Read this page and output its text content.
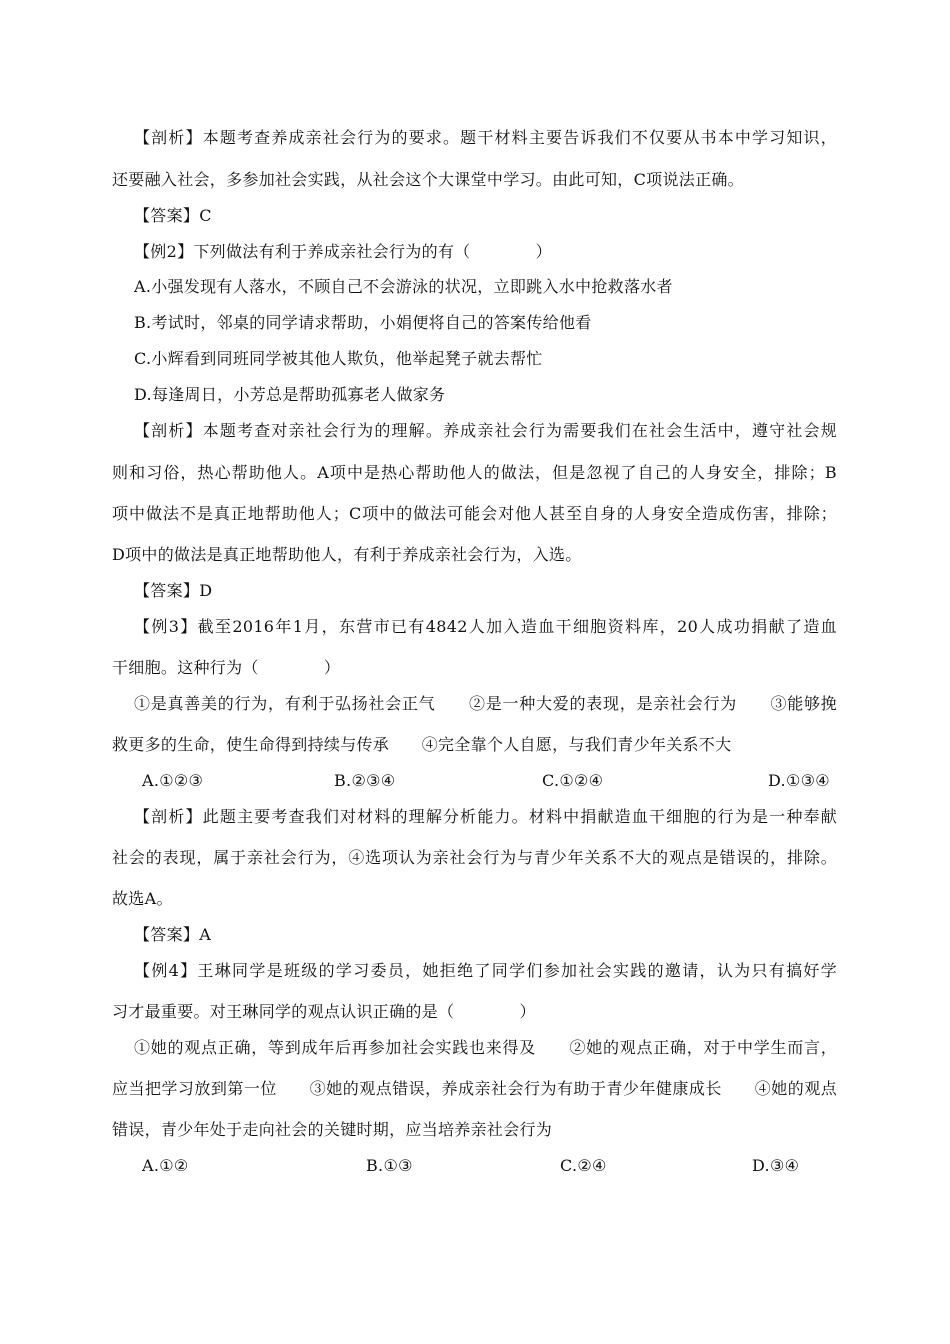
【剖析】本题考查养成亲社会行为的要求。题干材料主要告诉我们不仅要从书本中学习知识，
还要融入社会，多参加社会实践，从社会这个大课堂中学习。由此可知，C项说法正确。
【答案】C
【例2】下列做法有利于养成亲社会行为的有（　　　　）
A.小强发现有人落水，不顾自己不会游泳的状况，立即跳入水中抢救落水者
B.考试时，邻桌的同学请求帮助，小娟便将自己的答案传给他看
C.小辉看到同班同学被其他人欺负，他举起凳子就去帮忙
D.每逢周日，小芳总是帮助孤寡老人做家务
【剖析】本题考查对亲社会行为的理解。养成亲社会行为需要我们在社会生活中，遵守社会规
则和习俗，热心帮助他人。A项中是热心帮助他人的做法，但是忽视了自己的人身安全，排除；B
项中做法不是真正地帮助他人；C项中的做法可能会对他人甚至自身的人身安全造成伤害，排除；
D项中的做法是真正地帮助他人，有利于养成亲社会行为，入选。
【答案】D
【例3】截至2016年1月，东营市已有4842人加入造血干细胞资料库，20人成功捐献了造血
干细胞。这种行为（　　　　）
①是真善美的行为，有利于弘扬社会正气　　②是一种大爱的表现，是亲社会行为　　③能够挽
救更多的生命，使生命得到持续与传承　　④完全靠个人自愿，与我们青少年关系不大
A.①②③	B.②③④	C.①②④	D.①③④
【剖析】此题主要考查我们对材料的理解分析能力。材料中捐献造血干细胞的行为是一种奉献
社会的表现，属于亲社会行为，④选项认为亲社会行为与青少年关系不大的观点是错误的，排除。
故选A。
【答案】A
【例4】王琳同学是班级的学习委员，她拒绝了同学们参加社会实践的邀请，认为只有搞好学
习才最重要。对王琳同学的观点认识正确的是（　　　　）
①她的观点正确，等到成年后再参加社会实践也来得及　　②她的观点正确，对于中学生而言，
应当把学习放到第一位　　③她的观点错误，养成亲社会行为有助于青少年健康成长　　④她的观点
错误，青少年处于走向社会的关键时期，应当培养亲社会行为
A.①②	B.①③	C.②④	D.③④
